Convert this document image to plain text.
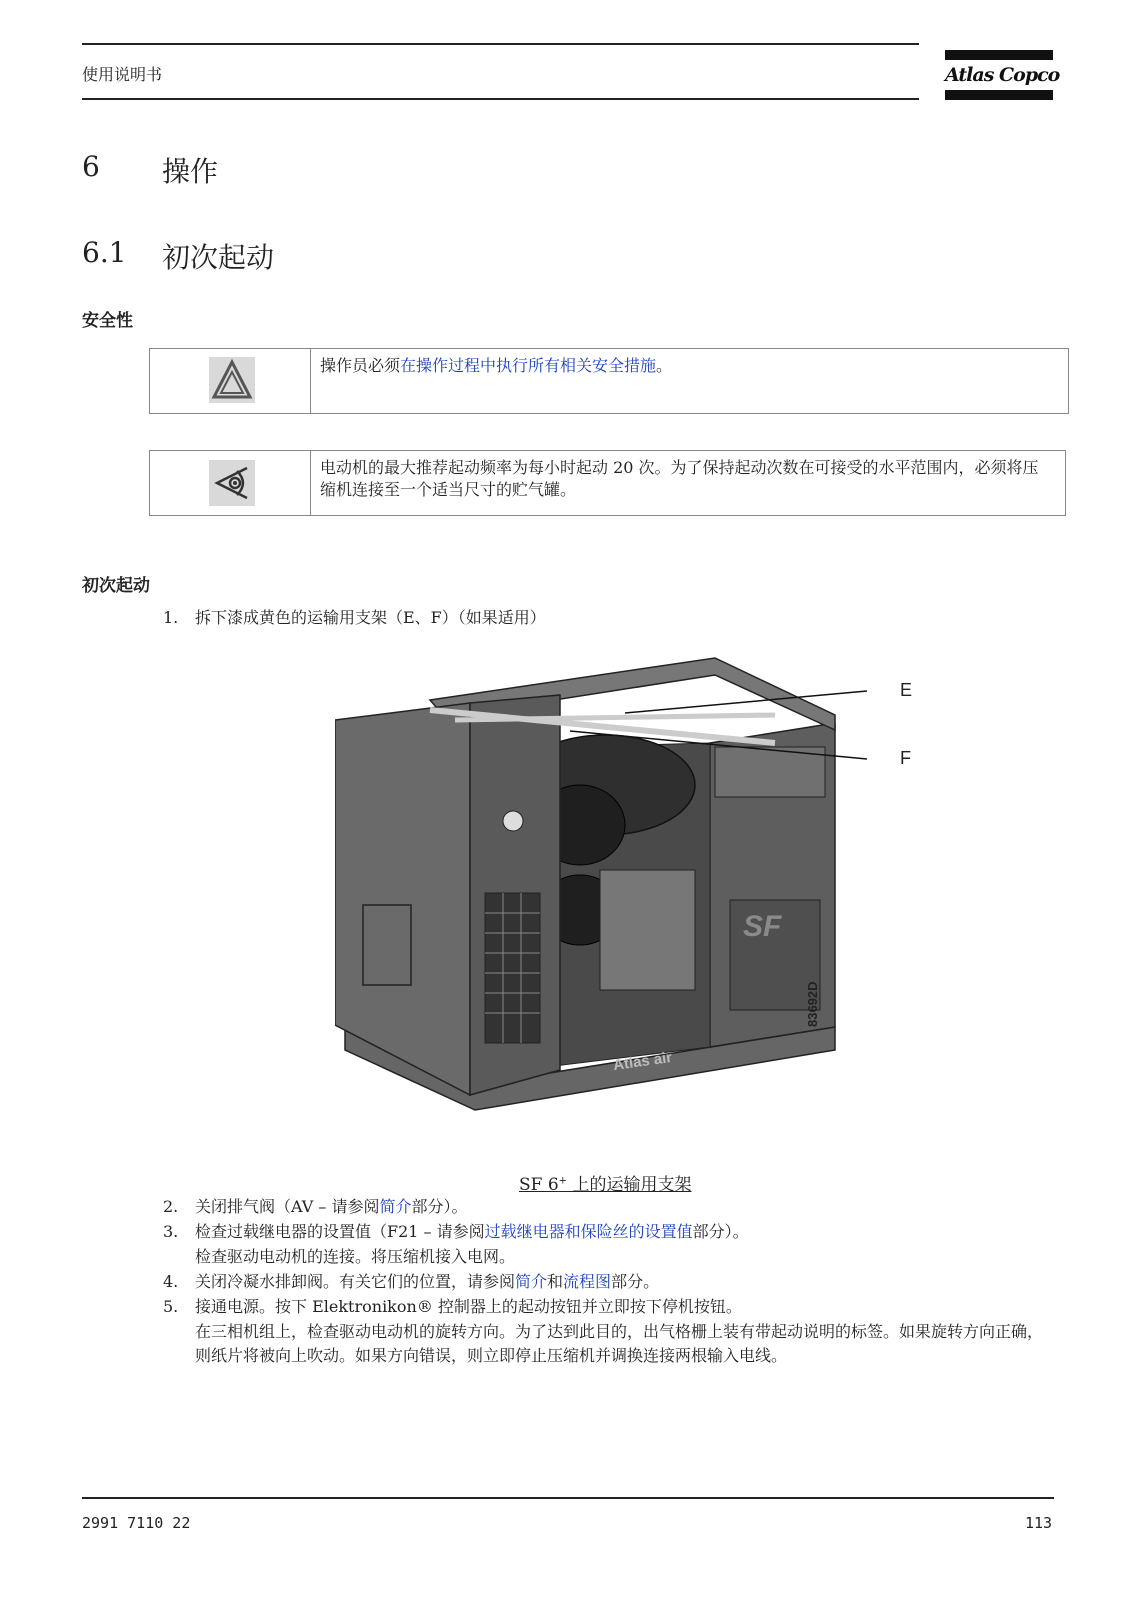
使用说明书	Atlas Copco
6 操作
6.1 初次起动
安全性
操作员必须在操作过程中执行所有相关安全措施。
电动机的最大推荐起动频率为每小时起动 20 次。为了保持起动次数在可接受的水平范围内，必须将压缩机连接至一个适当尺寸的贮气罐。
初次起动
1.	拆下漆成黄色的运输用支架（E、F）（如果适用）
E
F
SF
Atlas air
83692D
SF 6+ 上的运输用支架
2.	关闭排气阀（AV – 请参阅简介部分）。
3.	检查过载继电器的设置值（F21 – 请参阅过载继电器和保险丝的设置值部分）。
检查驱动电动机的连接。将压缩机接入电网。
4.	关闭冷凝水排卸阀。有关它们的位置，请参阅简介和流程图部分。
5.	接通电源。按下 Elektronikon® 控制器上的起动按钮并立即按下停机按钮。
在三相机组上，检查驱动电动机的旋转方向。为了达到此目的，出气格栅上装有带起动说明的标签。如果旋转方向正确，则纸片将被向上吹动。如果方向错误，则立即停止压缩机并调换连接两根输入电线。
2991 7110 22	113
